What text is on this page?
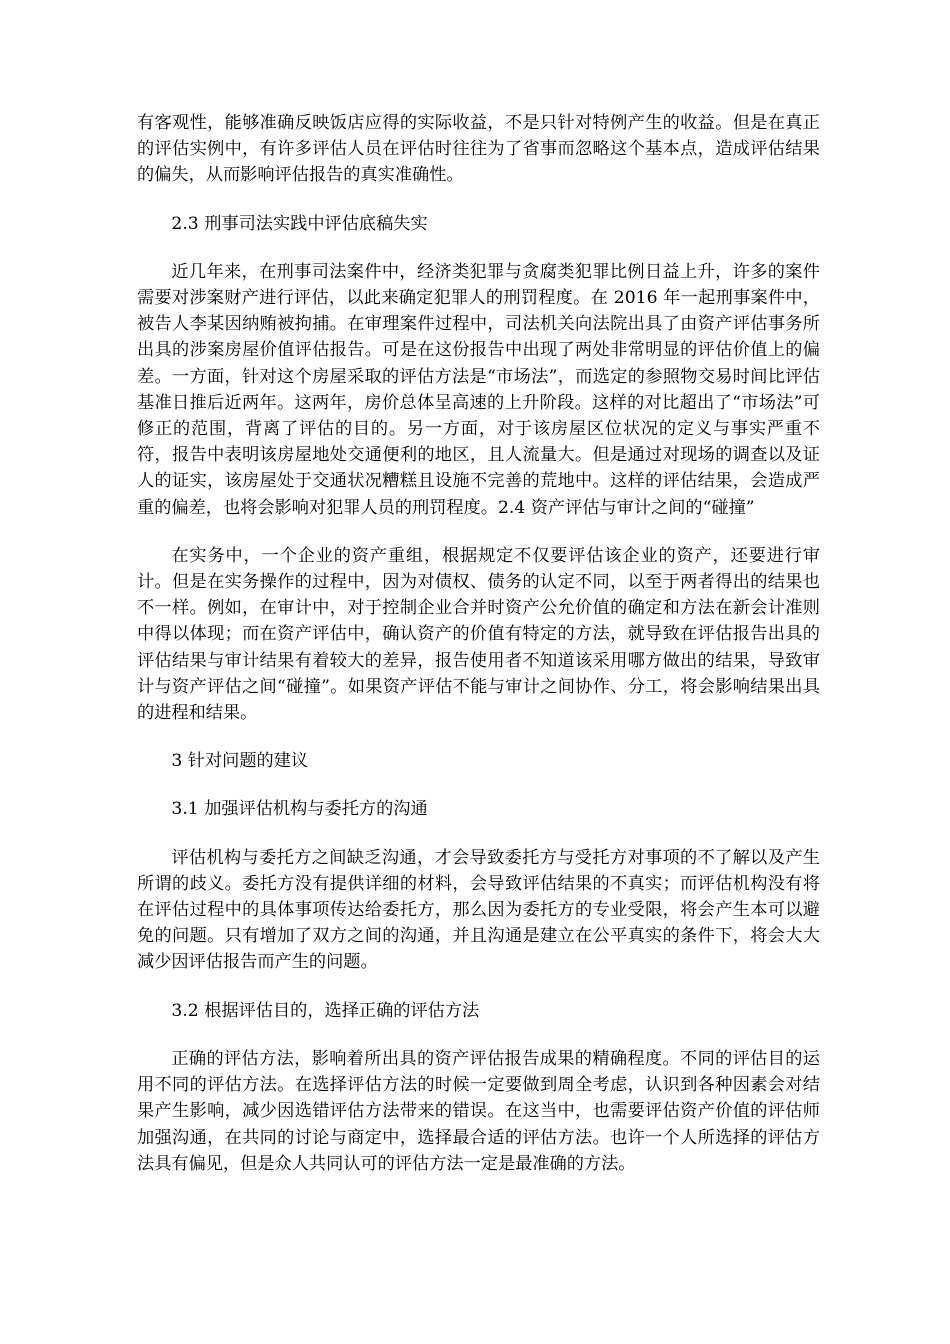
有客观性，能够准确反映饭店应得的实际收益，不是只针对特例产生的收益。但是在真正的评估实例中，有许多评估人员在评估时往往为了省事而忽略这个基本点，造成评估结果的偏失，从而影响评估报告的真实准确性。

2.3 刑事司法实践中评估底稿失实

近几年来，在刑事司法案件中，经济类犯罪与贪腐类犯罪比例日益上升，许多的案件需要对涉案财产进行评估，以此来确定犯罪人的刑罚程度。在 2016 年一起刑事案件中，被告人李某因纳贿被拘捕。在审理案件过程中，司法机关向法院出具了由资产评估事务所出具的涉案房屋价值评估报告。可是在这份报告中出现了两处非常明显的评估价值上的偏差。一方面，针对这个房屋采取的评估方法是“市场法”，而选定的参照物交易时间比评估基准日推后近两年。这两年，房价总体呈高速的上升阶段。这样的对比超出了“市场法”可修正的范围，背离了评估的目的。另一方面，对于该房屋区位状况的定义与事实严重不符，报告中表明该房屋地处交通便利的地区，且人流量大。但是通过对现场的调查以及证人的证实，该房屋处于交通状况糟糕且设施不完善的荒地中。这样的评估结果，会造成严重的偏差，也将会影响对犯罪人员的刑罚程度。2.4 资产评估与审计之间的“碰撞”

在实务中，一个企业的资产重组，根据规定不仅要评估该企业的资产，还要进行审计。但是在实务操作的过程中，因为对债权、债务的认定不同，以至于两者得出的结果也不一样。例如，在审计中，对于控制企业合并时资产公允价值的确定和方法在新会计准则中得以体现；而在资产评估中，确认资产的价值有特定的方法，就导致在评估报告出具的评估结果与审计结果有着较大的差异，报告使用者不知道该采用哪方做出的结果，导致审计与资产评估之间“碰撞”。如果资产评估不能与审计之间协作、分工，将会影响结果出具的进程和结果。

3 针对问题的建议
3.1 加强评估机构与委托方的沟通

评估机构与委托方之间缺乏沟通，才会导致委托方与受托方对事项的不了解以及产生所谓的歧义。委托方没有提供详细的材料，会导致评估结果的不真实；而评估机构没有将在评估过程中的具体事项传达给委托方，那么因为委托方的专业受限，将会产生本可以避免的问题。只有增加了双方之间的沟通，并且沟通是建立在公平真实的条件下，将会大大减少因评估报告而产生的问题。

3.2 根据评估目的，选择正确的评估方法

正确的评估方法，影响着所出具的资产评估报告成果的精确程度。不同的评估目的运用不同的评估方法。在选择评估方法的时候一定要做到周全考虑，认识到各种因素会对结果产生影响，减少因选错评估方法带来的错误。在这当中，也需要评估资产价值的评估师加强沟通，在共同的讨论与商定中，选择最合适的评估方法。也许一个人所选择的评估方法具有偏见，但是众人共同认可的评估方法一定是最准确的方法。
